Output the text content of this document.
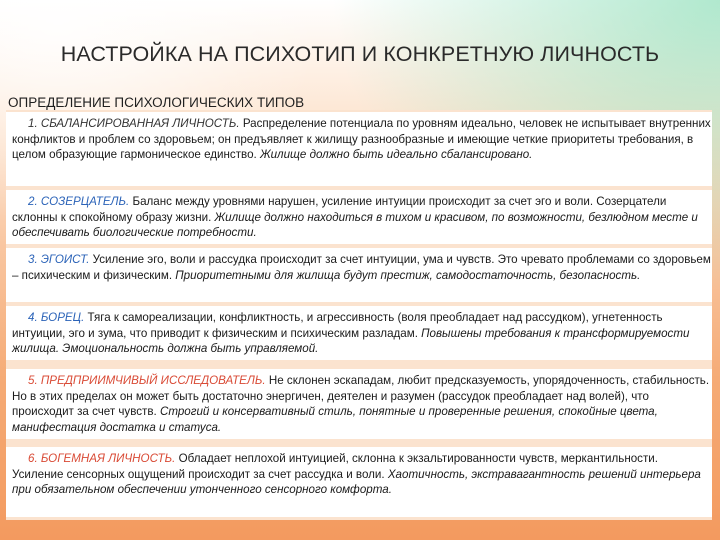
НАСТРОЙКА НА ПСИХОТИП И КОНКРЕТНУЮ ЛИЧНОСТЬ
ОПРЕДЕЛЕНИЕ ПСИХОЛОГИЧЕСКИХ ТИПОВ
1. СБАЛАНСИРОВАННАЯ ЛИЧНОСТЬ. Распределение потенциала по уровням идеально, человек не испытывает внутренних конфликтов и проблем со здоровьем; он предъявляет к жилищу разнообразные и имеющие четкие приоритеты требования, в целом образующие гармоническое единство. Жилище должно быть идеально сбалансировано.
2. СОЗЕРЦАТЕЛЬ. Баланс между уровнями нарушен, усиление интуиции происходит за счет эго и воли. Созерцатели склонны к спокойному образу жизни. Жилище должно находиться в тихом и красивом, по возможности, безлюдном месте и обеспечивать биологические потребности.
3. ЭГОИСТ. Усиление эго, воли и рассудка происходит за счет интуиции, ума и чувств. Это чревато проблемами со здоровьем – психическим и физическим. Приоритетными для жилища будут престиж, самодостаточность, безопасность.
4. БОРЕЦ. Тяга к самореализации, конфликтность, и агрессивность (воля преобладает над рассудком), угнетенность интуиции, эго и зума, что приводит к физическим и психическим разладам. Повышены требования к трансформируемости жилища. Эмоциональность должна быть управляемой.
5. ПРЕДПРИИМЧИВЫЙ ИССЛЕДОВАТЕЛЬ. Не склонен эскападам, любит предсказуемость, упорядоченность, стабильность. Но в этих пределах он может быть достаточно энергичен, деятелен и разумен (рассудок преобладает над волей), что происходит за счет чувств. Строгий и консервативный стиль, понятные и проверенные решения, спокойные цвета, манифестация достатка и статуса.
6. БОГЕМНАЯ ЛИЧНОСТЬ. Обладает неплохой интуицией, склонна к экзальтированности чувств, меркантильности. Усиление сенсорных ощущений происходит за счет рассудка и воли. Хаотичность, экстравагантность решений интерьера при обязательном обеспечении утонченного сенсорного комфорта.
